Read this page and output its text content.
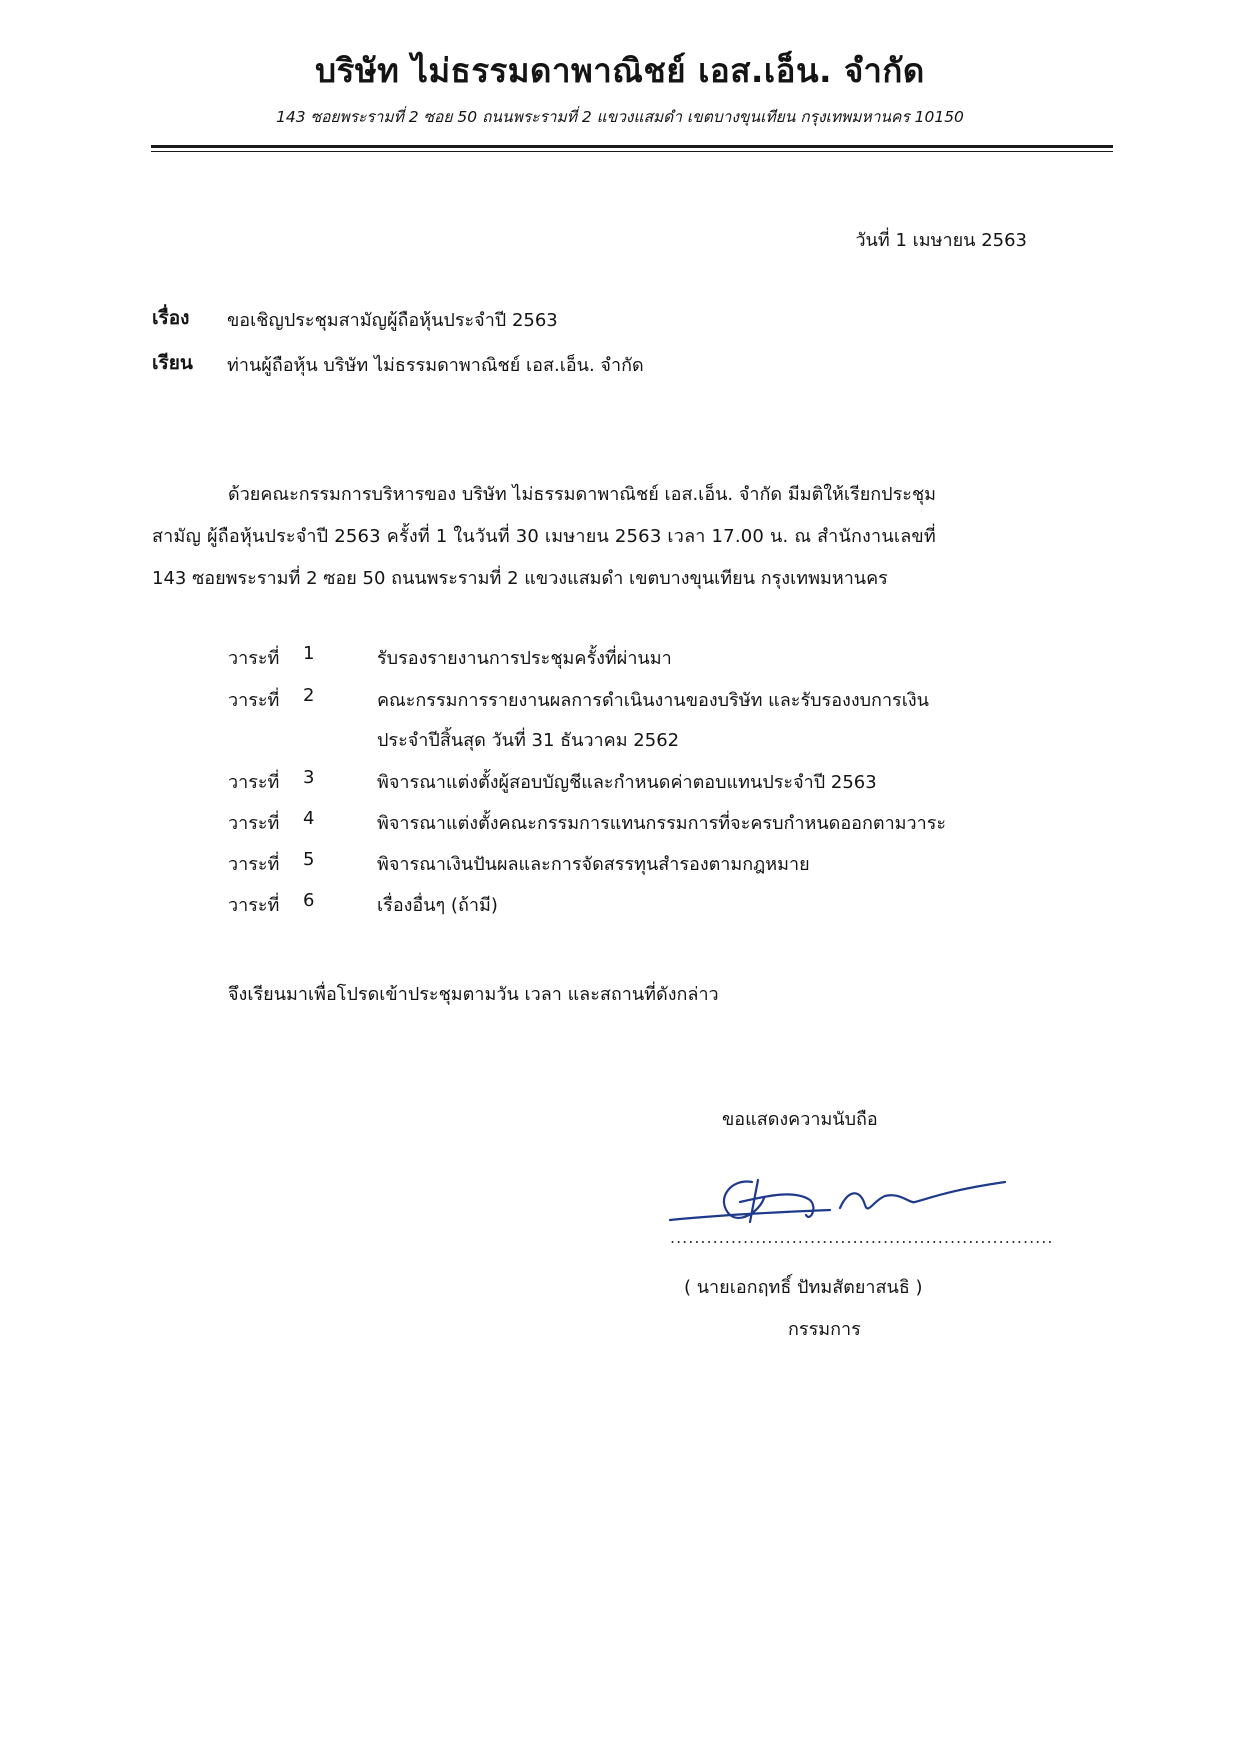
บริษัท ไม่ธรรมดาพาณิชย์ เอส.เอ็น. จำกัด
143 ซอยพระรามที่ 2 ซอย 50 ถนนพระรามที่ 2 แขวงแสมดำ เขตบางขุนเทียน กรุงเทพมหานคร 10150
วันที่ 1 เมษายน 2563
เรื่อง ขอเชิญประชุมสามัญผู้ถือหุ้นประจำปี 2563
เรียน ท่านผู้ถือหุ้น บริษัท ไม่ธรรมดาพาณิชย์ เอส.เอ็น. จำกัด
ด้วยคณะกรรมการบริหารของ บริษัท ไม่ธรรมดาพาณิชย์ เอส.เอ็น. จำกัด มีมติให้เรียกประชุม
สามัญ ผู้ถือหุ้นประจำปี 2563 ครั้งที่ 1 ในวันที่ 30 เมษายน 2563 เวลา 17.00 น. ณ สำนักงานเลขที่
143 ซอยพระรามที่ 2 ซอย 50 ถนนพระรามที่ 2 แขวงแสมดำ เขตบางขุนเทียน กรุงเทพมหานคร
วาระที่ 1	รับรองรายงานการประชุมครั้งที่ผ่านมา
วาระที่ 2	คณะกรรมการรายงานผลการดำเนินงานของบริษัท และรับรองงบการเงิน
ประจำปีสิ้นสุด วันที่ 31 ธันวาคม 2562
วาระที่ 3	พิจารณาแต่งตั้งผู้สอบบัญชีและกำหนดค่าตอบแทนประจำปี 2563
วาระที่ 4	พิจารณาแต่งตั้งคณะกรรมการแทนกรรมการที่จะครบกำหนดออกตามวาระ
วาระที่ 5	พิจารณาเงินปันผลและการจัดสรรทุนสำรองตามกฎหมาย
วาระที่ 6	เรื่องอื่นๆ (ถ้ามี)
จึงเรียนมาเพื่อโปรดเข้าประชุมตามวัน เวลา และสถานที่ดังกล่าว
ขอแสดงความนับถือ
...............................................................
( นายเอกฤทธิ์ ปัทมสัตยาสนธิ )
กรรมการ
